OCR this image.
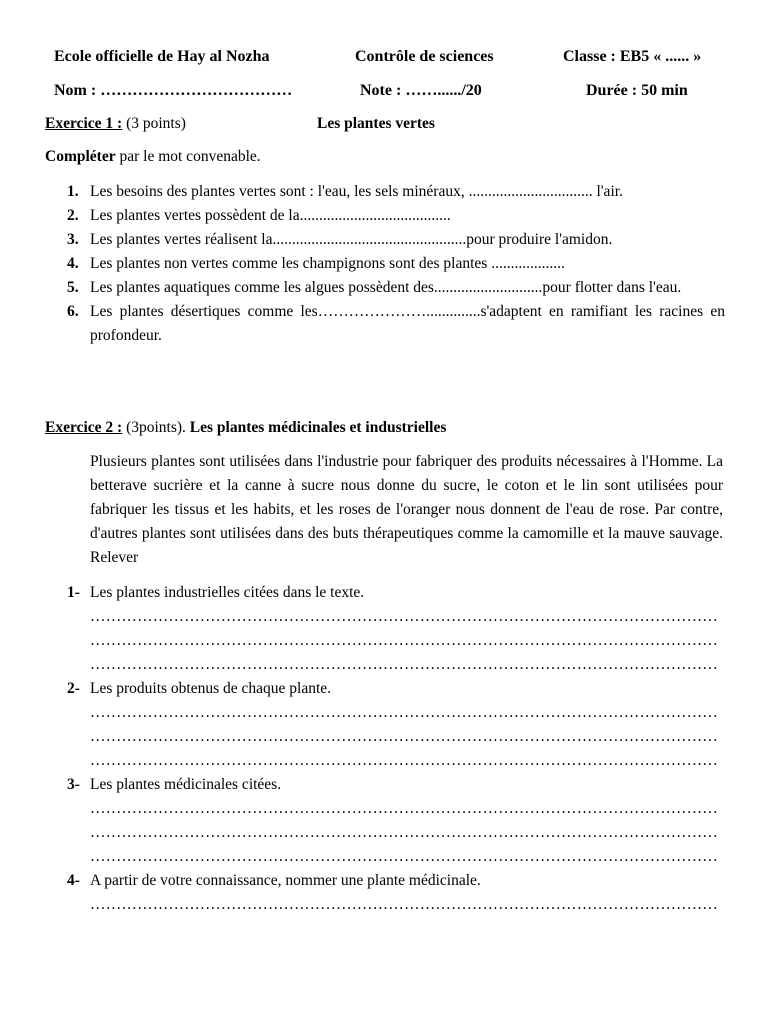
Ecole officielle de Hay al Nozha	Contrôle de sciences	Classe : EB5 « ...... »
Nom : ………………………………	Note : ……....../20	Durée : 50 min
Exercice 1 : (3 points)	Les plantes vertes
Compléter par le mot convenable.
1. Les besoins des plantes vertes sont : l'eau, les sels minéraux, ................................ l'air.
2. Les plantes vertes possèdent de la.......................................
3. Les plantes vertes réalisent la..................................................pour produire l'amidon.
4. Les plantes non vertes comme les champignons sont des plantes ...................
5. Les plantes aquatiques comme les algues possèdent des............................pour flotter dans l'eau.
6. Les plantes désertiques comme les…………………..............s'adaptent en ramifiant les racines en profondeur.
Exercice 2 : (3points). Les plantes médicinales et industrielles
Plusieurs plantes sont utilisées dans l'industrie pour fabriquer des produits nécessaires à l'Homme. La betterave sucrière et la canne à sucre nous donne du sucre, le coton et le lin sont utilisées pour fabriquer les tissus et les habits, et les roses de l'oranger nous donnent de l'eau de rose. Par contre, d'autres plantes sont utilisées dans des buts thérapeutiques comme la camomille et la mauve sauvage. Relever
1- Les plantes industrielles citées dans le texte.
…………………………………………………………………………………………………………
…………………………………………………………………………………………………………
…………………………………………………………………………………………………………
2- Les produits obtenus de chaque plante.
…………………………………………………………………………………………………………
…………………………………………………………………………………………………………
…………………………………………………………………………………………………………
3- Les plantes médicinales citées.
…………………………………………………………………………………………………………
…………………………………………………………………………………………………………
…………………………………………………………………………………………………………
4- A partir de votre connaissance, nommer une plante médicinale.
…………………………………………………………………………………………………………
